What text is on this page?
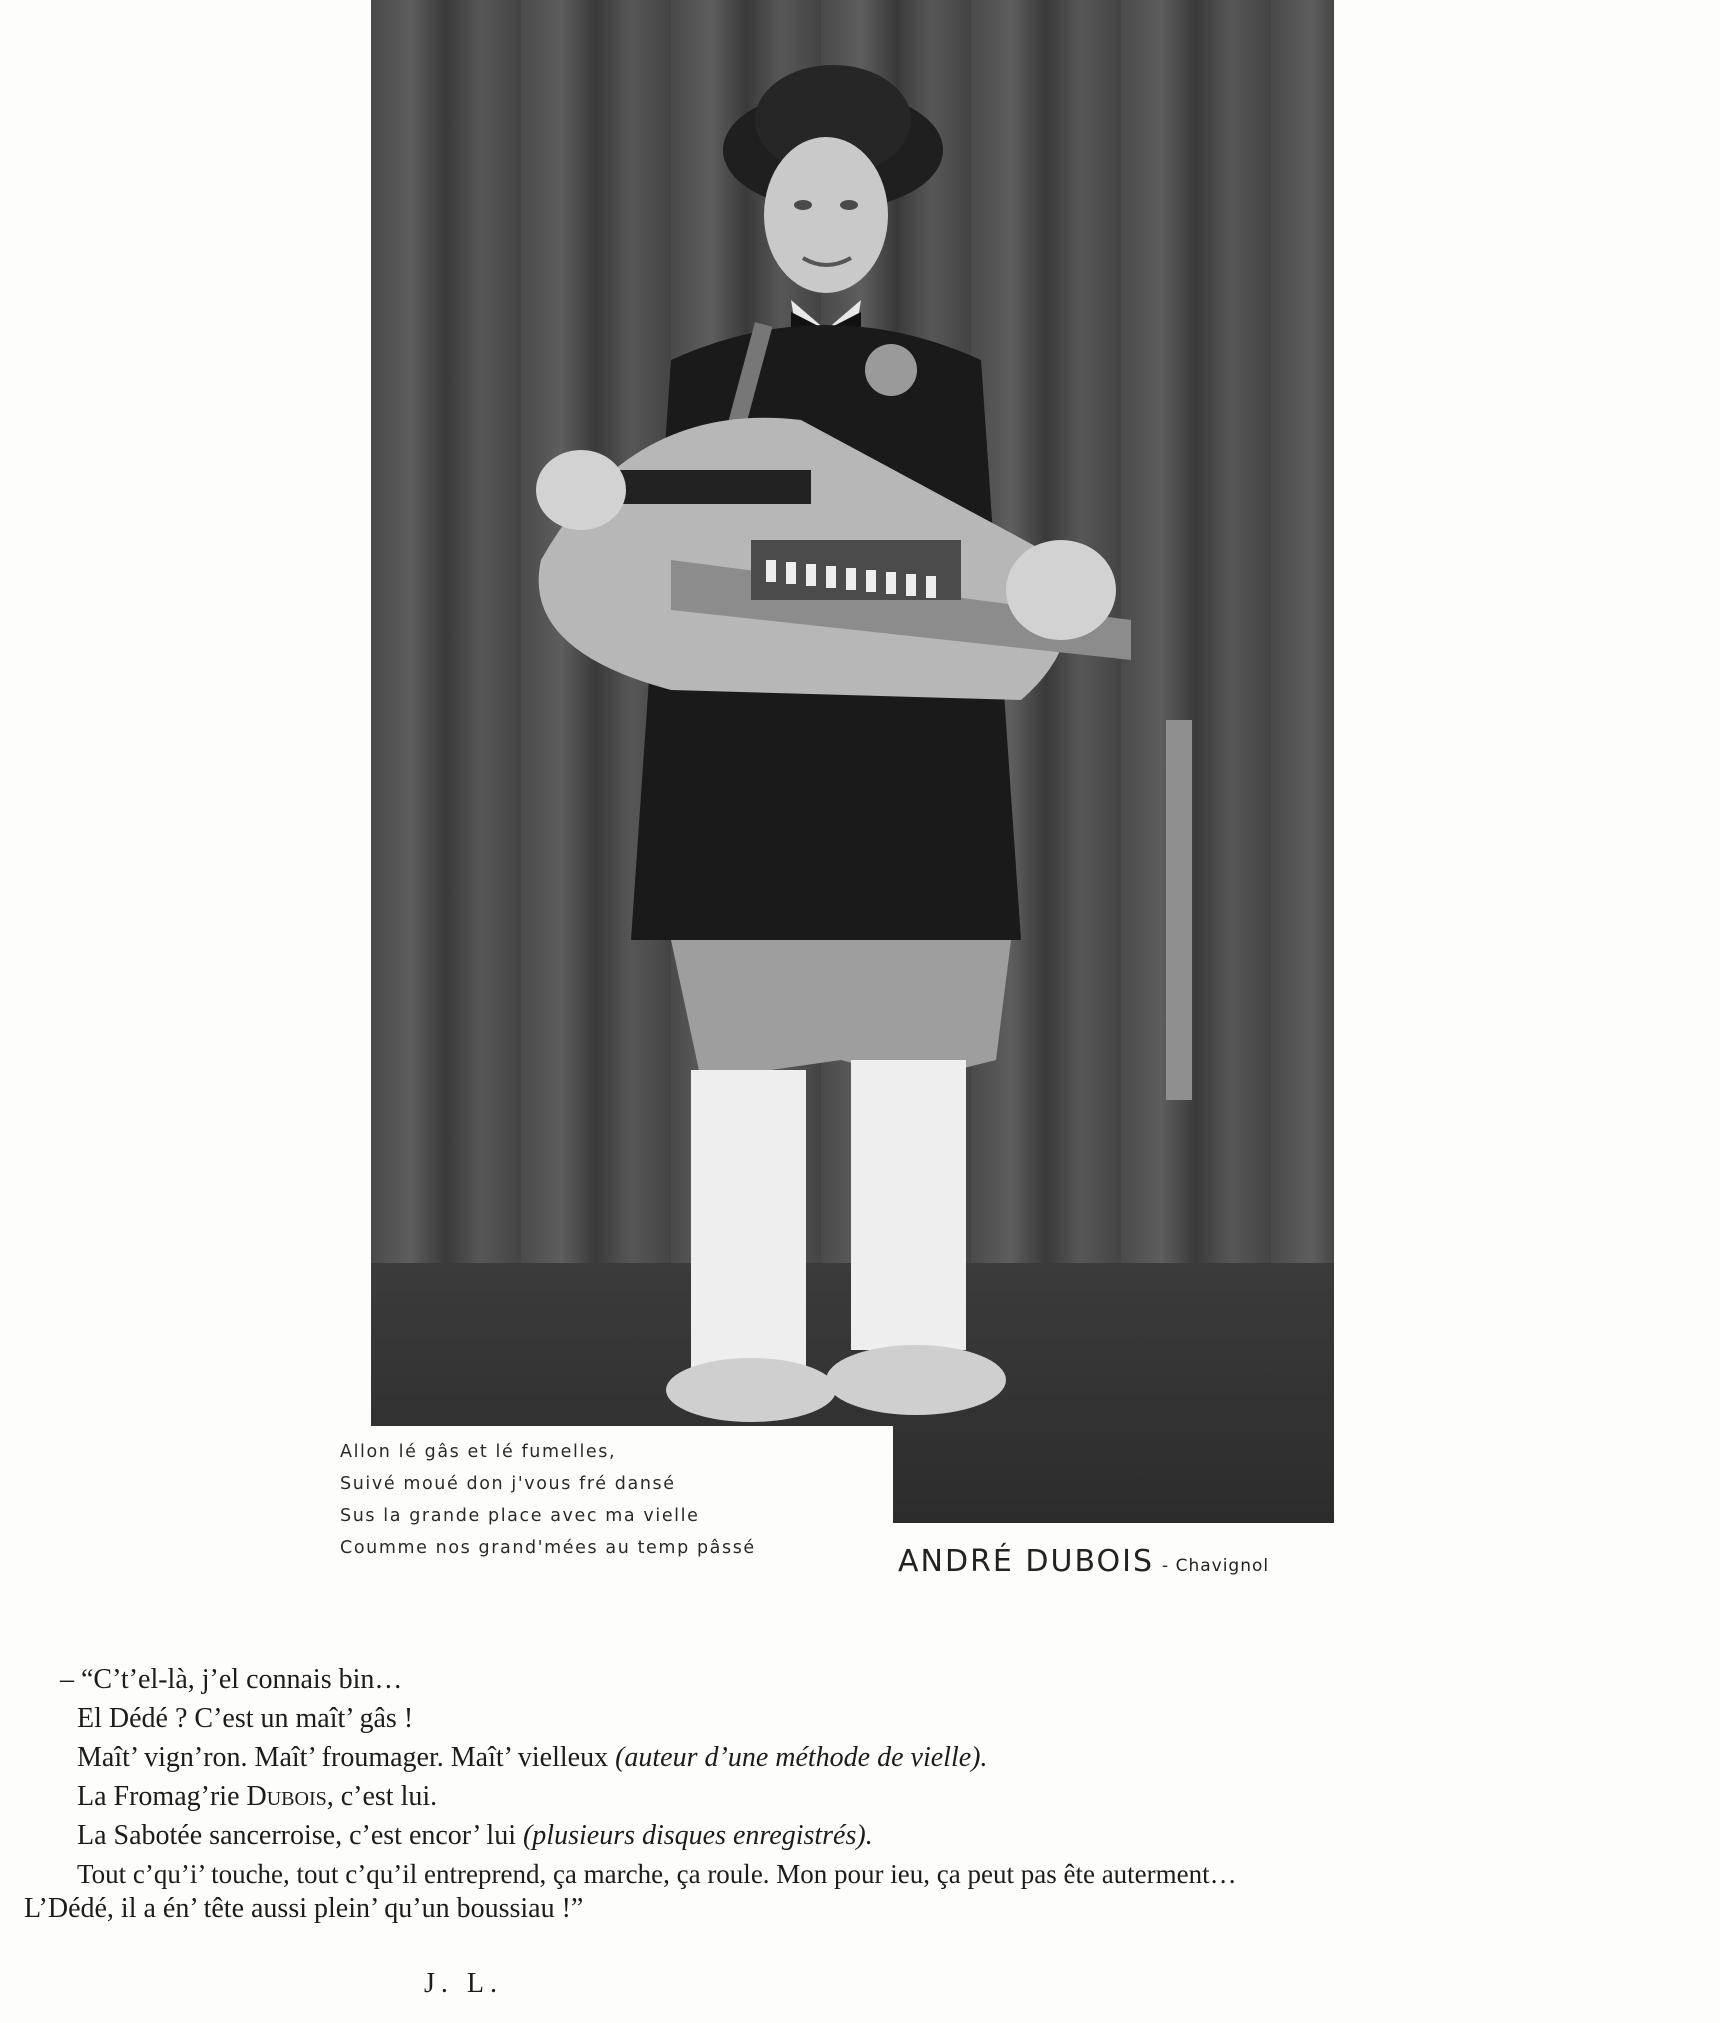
Allon lé gâs et lé fumelles,
Suivé moué don j'vous fré dansé
Sus la grande place avec ma vielle
Coumme nos grand'mées au temp pâssé	ANDRÉ DUBOIS - Chavignol
– “C’t’el-là, j’el connais bin…
El Dédé ? C’est un maît’ gâs !
Maît’ vign’ron. Maît’ froumager. Maît’ vielleux (auteur d’une méthode de vielle).
La Fromag’rie Dubois, c’est lui.
La Sabotée sancerroise, c’est encor’ lui (plusieurs disques enregistrés).
Tout c’qu’i’ touche, tout c’qu’il entreprend, ça marche, ça roule. Mon pour ieu, ça peut pas ête auterment…
L’Dédé, il a én’ tête aussi plein’ qu’un boussiau !”
J. L.
